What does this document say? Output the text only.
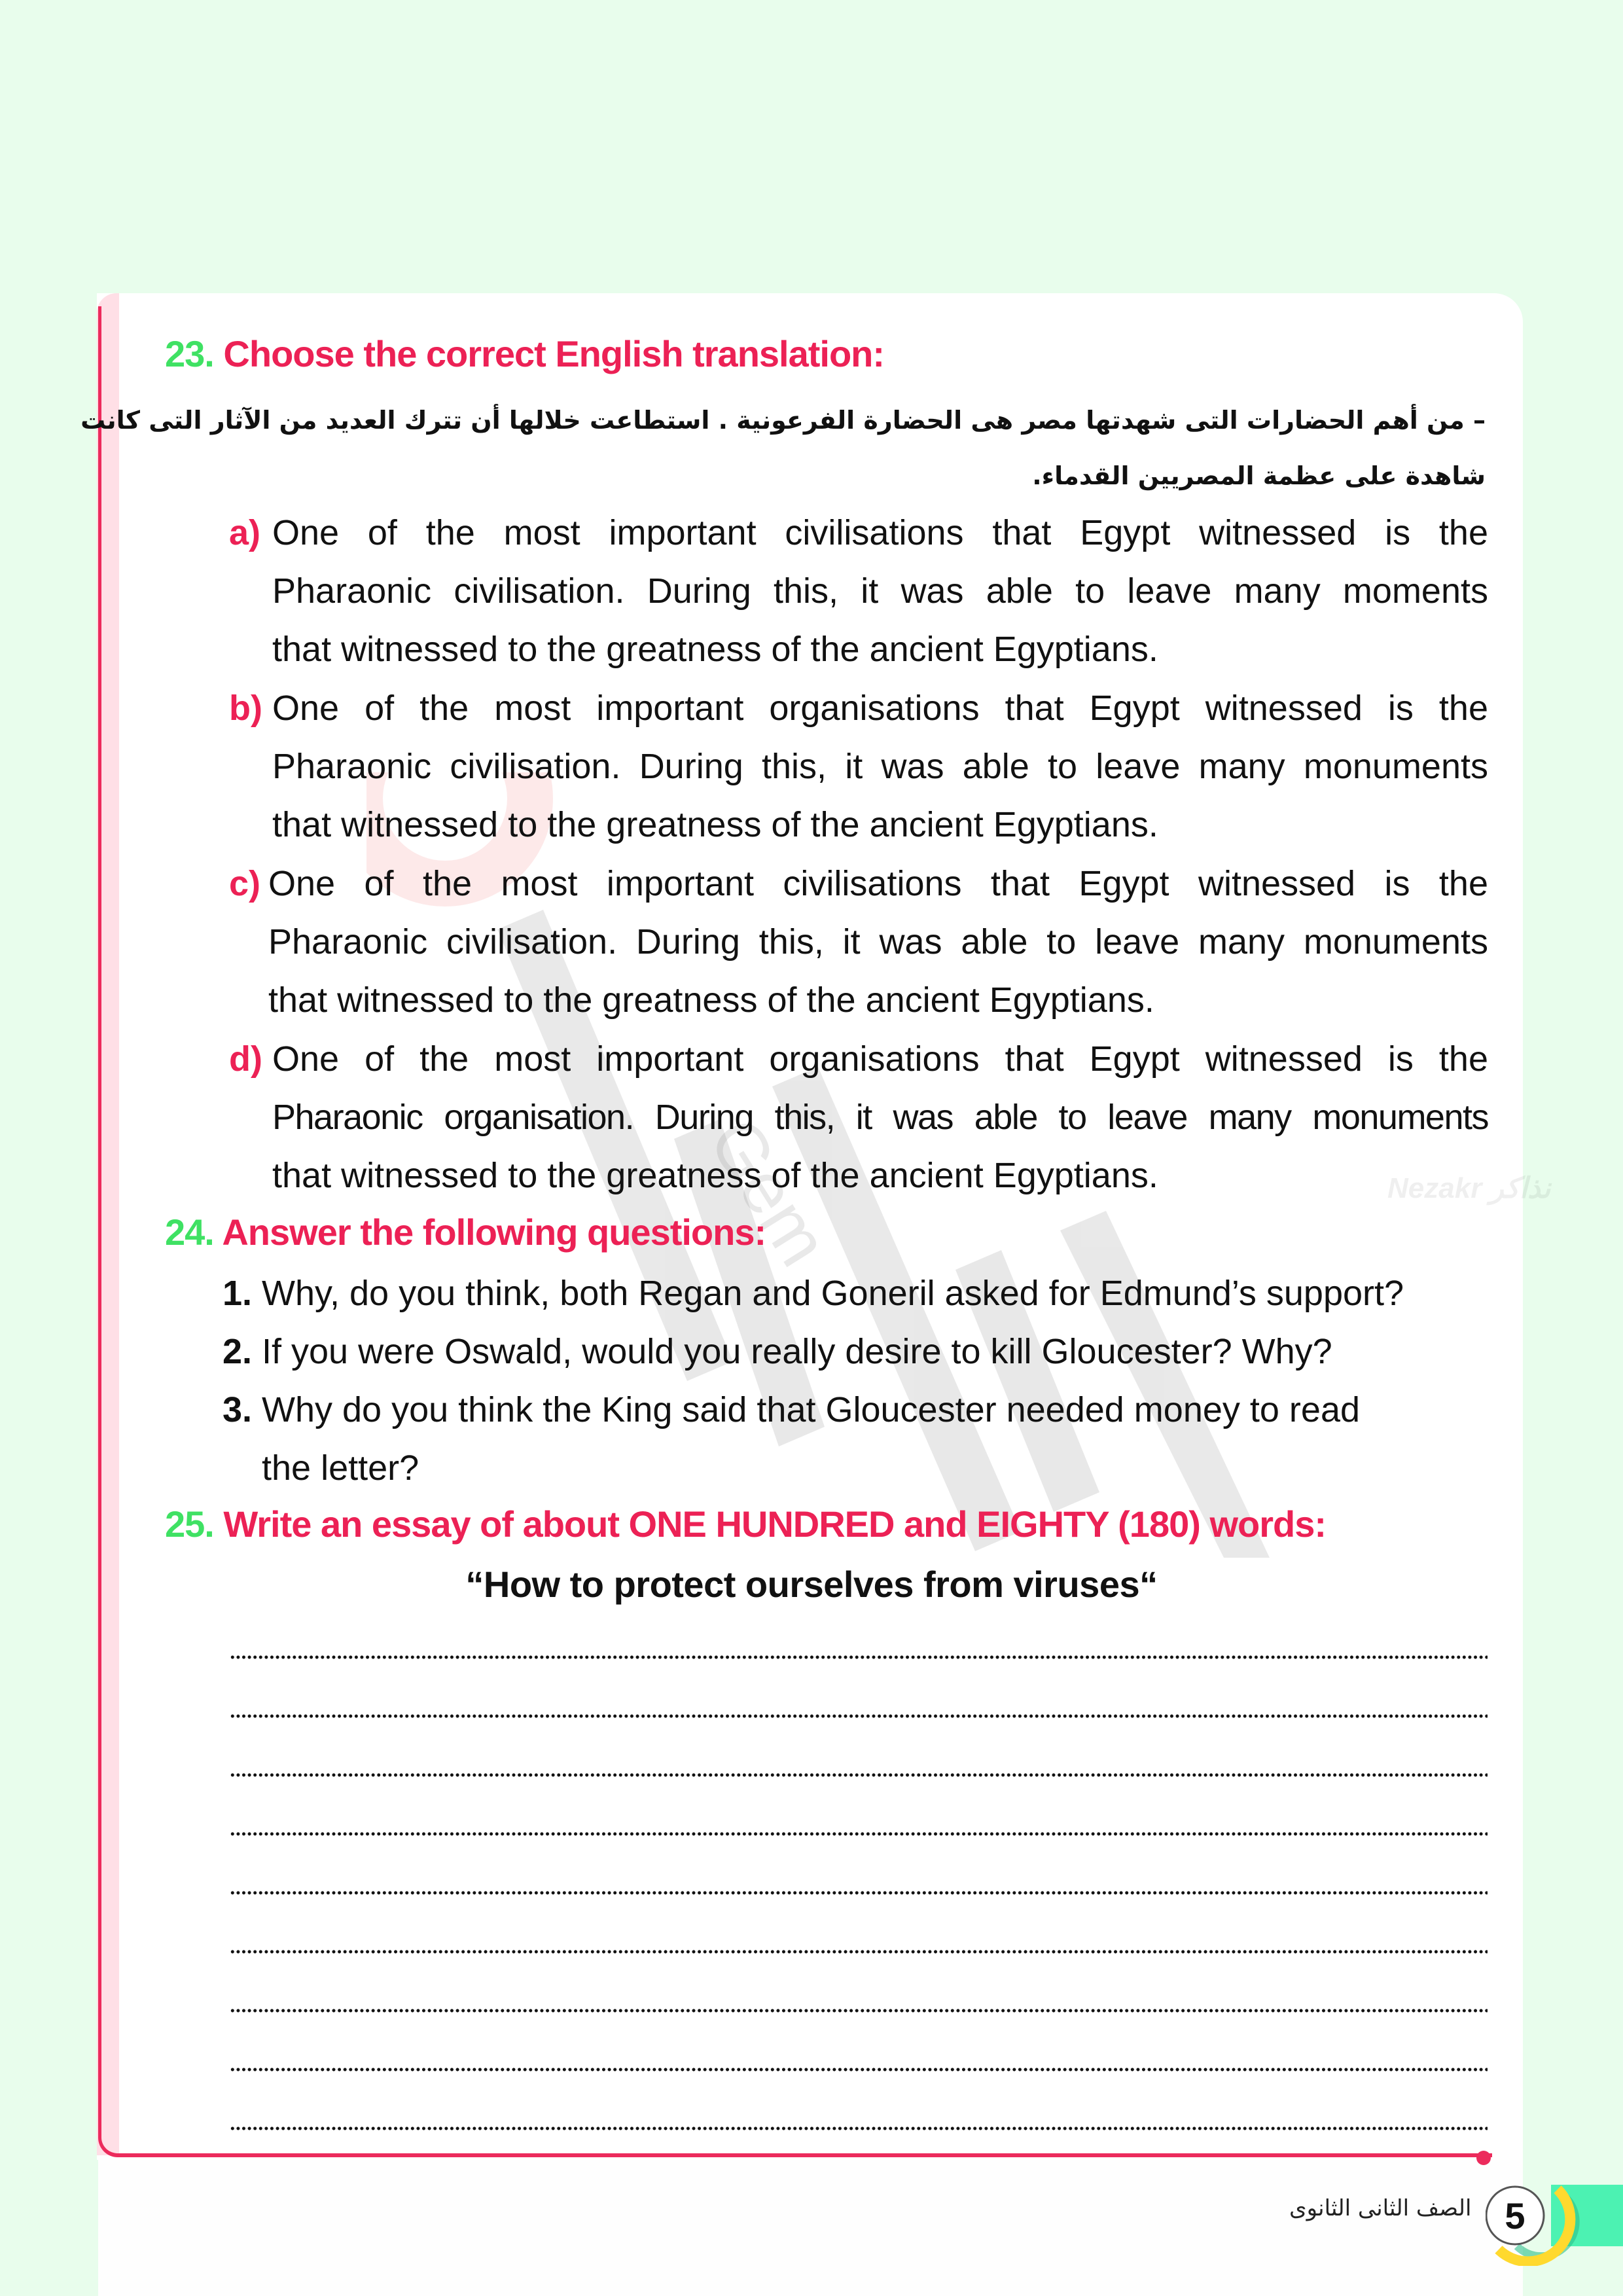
Nezakr نذاكر
23. Choose the correct English translation:
– من أهم الحضارات التى شهدتها مصر هى الحضارة الفرعونية . استطاعت خلالها أن تترك العديد من الآثار التى كانت
شاهدة على عظمة المصريين القدماء.
a) One of the most important civilisations that Egypt witnessed is the
Pharaonic civilisation. During this, it was able to leave many moments
that witnessed to the greatness of the ancient Egyptians.
b) One of the most important organisations that Egypt witnessed is the
Pharaonic civilisation. During this, it was able to leave many monuments
that witnessed to the greatness of the ancient Egyptians.
c) One of the most important civilisations that Egypt witnessed is the
Pharaonic civilisation. During this, it was able to leave many monuments
that witnessed to the greatness of the ancient Egyptians.
d) One of the most important organisations that Egypt witnessed is the
Pharaonic organisation. During this, it was able to leave many monuments
that witnessed to the greatness of the ancient Egyptians.
24. Answer the following questions:
1. Why, do you think, both Regan and Goneril asked for Edmund’s support?
2. If you were Oswald, would you really desire to kill Gloucester? Why?
3. Why do you think the King said that Gloucester needed money to read
the letter?
25. Write an essay of about ONE HUNDRED and EIGHTY (180) words:
“How to protect ourselves from viruses“
الصف الثانى الثانوى 5
